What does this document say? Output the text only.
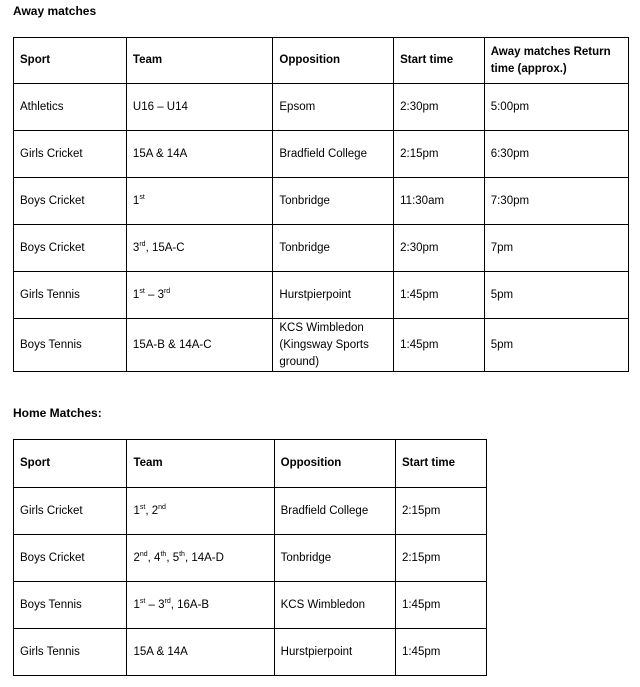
Away matches
Sport	Team	Opposition	Start time	Away matches Return time (approx.)
Athletics	U16 – U14	Epsom	2:30pm	5:00pm
Girls Cricket	15A & 14A	Bradfield College	2:15pm	6:30pm
Boys Cricket	1st	Tonbridge	11:30am	7:30pm
Boys Cricket	3rd, 15A-C	Tonbridge	2:30pm	7pm
Girls Tennis	1st – 3rd	Hurstpierpoint	1:45pm	5pm
Boys Tennis	15A-B & 14A-C	KCS Wimbledon (Kingsway Sports ground)	1:45pm	5pm
Home Matches:
Sport	Team	Opposition	Start time
Girls Cricket	1st, 2nd	Bradfield College	2:15pm
Boys Cricket	2nd, 4th, 5th, 14A-D	Tonbridge	2:15pm
Boys Tennis	1st – 3rd, 16A-B	KCS Wimbledon	1:45pm
Girls Tennis	15A & 14A	Hurstpierpoint	1:45pm
